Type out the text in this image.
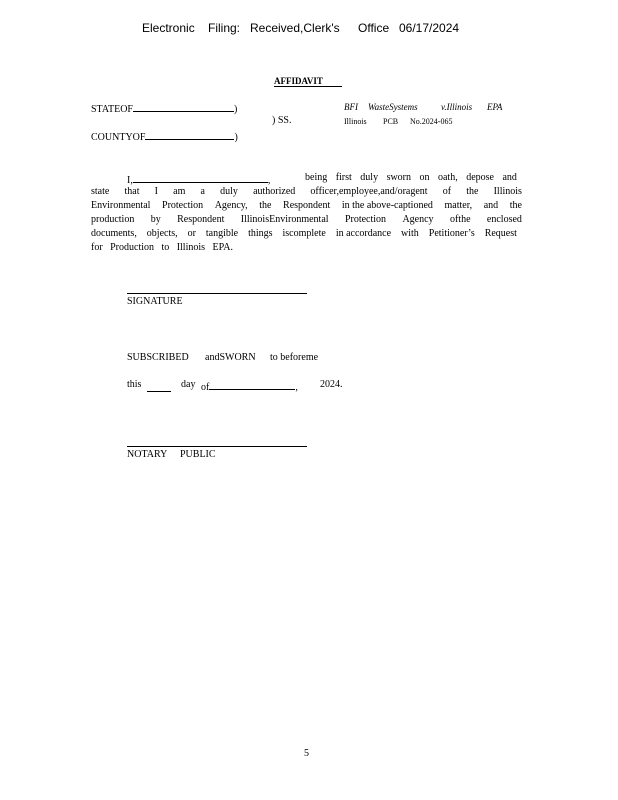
Electronic Filing: Received,Clerk's Office 06/17/2024
AFFIDAVIT
STATEOF	)
COUNTYOF	)
) SS.
BFI WasteSystems	v.Illinois EPA
Illinois PCB No.2024-065
I,	,	being first duly sworn on oath, depose and
state that I am a duly authorized officer,employee,and/oragent of the Illinois
Environmental Protection Agency, the Respondent in the above-captioned matter, and the
production by Respondent IllinoisEnvironmental Protection Agency ofthe enclosed
documents, objects, or tangible things iscomplete in accordance with Petitioner’s Request
for Production to Illinois EPA.
SIGNATURE
SUBSCRIBED andSWORN to beforeme
this	day of	, 2024.
NOTARY PUBLIC
5
